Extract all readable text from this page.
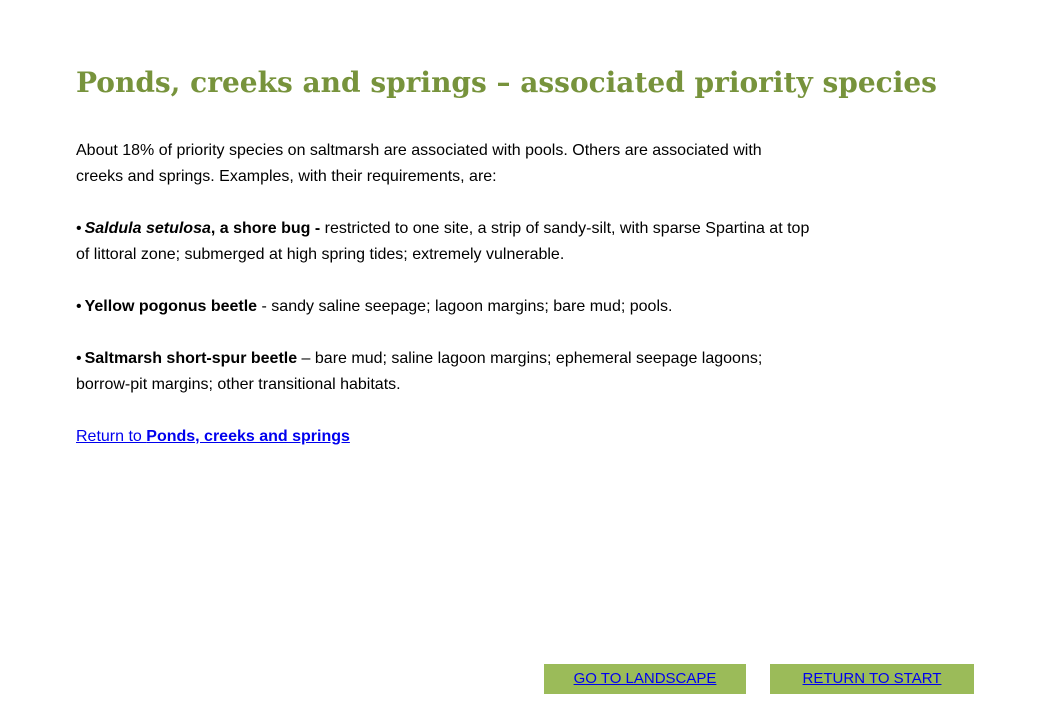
Ponds, creeks and springs – associated priority species

About 18% of priority species on saltmarsh are associated with pools. Others are associated with
creeks and springs. Examples, with their requirements, are:

• Saldula setulosa, a shore bug - restricted to one site, a strip of sandy-silt, with sparse Spartina at top
of littoral zone; submerged at high spring tides; extremely vulnerable.

• Yellow pogonus beetle - sandy saline seepage; lagoon margins; bare mud; pools.

• Saltmarsh short-spur beetle – bare mud; saline lagoon margins; ephemeral seepage lagoons;
borrow-pit margins; other transitional habitats.

Return to Ponds, creeks and springs

GO TO LANDSCAPE	RETURN TO START
